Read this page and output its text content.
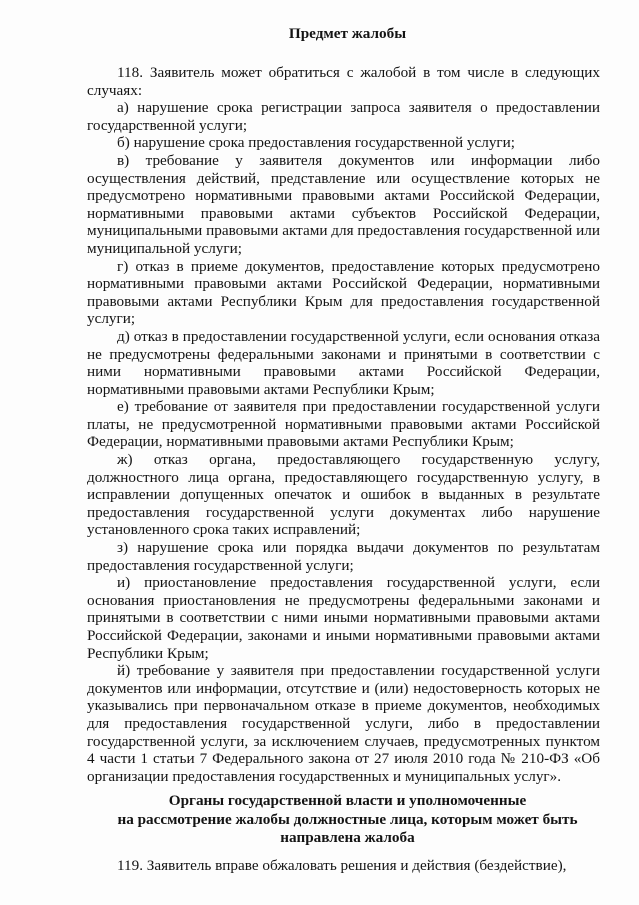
Предмет жалобы

118. Заявитель может обратиться с жалобой в том числе в следующих случаях:

а) нарушение срока регистрации запроса заявителя о предоставлении государственной услуги;

б) нарушение срока предоставления государственной услуги;

в) требование у заявителя документов или информации либо осуществления действий, представление или осуществление которых не предусмотрено нормативными правовыми актами Российской Федерации, нормативными правовыми актами субъектов Российской Федерации, муниципальными правовыми актами для предоставления государственной или муниципальной услуги;

г) отказ в приеме документов, предоставление которых предусмотрено нормативными правовыми актами Российской Федерации, нормативными правовыми актами Республики Крым для предоставления государственной услуги;

д) отказ в предоставлении государственной услуги, если основания отказа не предусмотрены федеральными законами и принятыми в соответствии с ними нормативными правовыми актами Российской Федерации, нормативными правовыми актами Республики Крым;

е) требование от заявителя при предоставлении государственной услуги платы, не предусмотренной нормативными правовыми актами Российской Федерации, нормативными правовыми актами Республики Крым;

ж) отказ органа, предоставляющего государственную услугу, должностного лица органа, предоставляющего государственную услугу, в исправлении допущенных опечаток и ошибок в выданных в результате предоставления государственной услуги документах либо нарушение установленного срока таких исправлений;

з) нарушение срока или порядка выдачи документов по результатам предоставления государственной услуги;

и) приостановление предоставления государственной услуги, если основания приостановления не предусмотрены федеральными законами и принятыми в соответствии с ними иными нормативными правовыми актами Российской Федерации, законами и иными нормативными правовыми актами Республики Крым;

й) требование у заявителя при предоставлении государственной услуги документов или информации, отсутствие и (или) недостоверность которых не указывались при первоначальном отказе в приеме документов, необходимых для предоставления государственной услуги, либо в предоставлении государственной услуги, за исключением случаев, предусмотренных пунктом 4 части 1 статьи 7 Федерального закона от 27 июля 2010 года № 210-ФЗ «Об организации предоставления государственных и муниципальных услуг».

Органы государственной власти и уполномоченные
на рассмотрение жалобы должностные лица, которым может быть
направлена жалоба

119. Заявитель вправе обжаловать решения и действия (бездействие),
